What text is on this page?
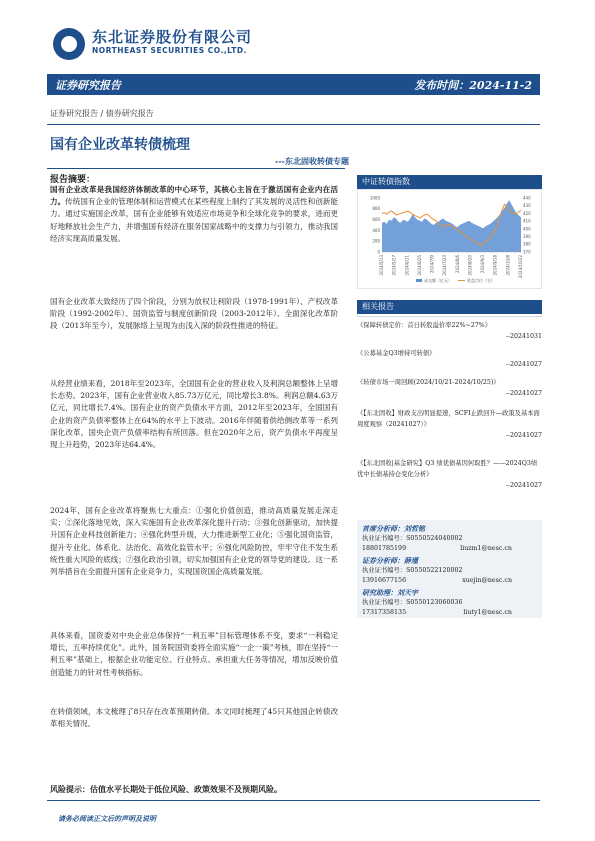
东北证券股份有限公司
NORTHEAST SECURITIES CO.,LTD.
证券研究报告	发布时间：2024-11-2
证券研究报告 / 债券研究报告
国有企业改革转债梳理
---东北固收转债专题
报告摘要：

国有企业改革是我国经济体制改革的中心环节，其核心主旨在于激活国有企业内在活力。传统国有企业的管理体制和运营模式在某些程度上制约了其发展的灵活性和创新能力。通过实施国企改革，国有企业能够有效适应市场竞争和全球化竞争的要求，进而更好地释放社会生产力，并增强国有经济在服务国家战略中的支撑力与引领力，推动我国经济实现高质量发展。

国有企业改革大致经历了四个阶段，分别为放权让利阶段（1978-1991年）、产权改革阶段（1992-2002年）、国资监管与制度创新阶段（2003-2012年）、全面深化改革阶段（2013年至今），发展脉络上呈现为由浅入深的阶段性推进的特征。

从经营业绩来看，2018年至2023年，全国国有企业的营业收入及利润总额整体上呈增长态势。2023年，国有企业营业收入85.73万亿元，同比增长3.8%。利润总额4.63万亿元，同比增长7.4%。国有企业的资产负债水平方面，2012年至2023年，全国国有企业的资产负债率整体上在64%的水平上下波动。2016年伴随着供给侧改革等一系列深化改革，国央企资产负债率结构有所回落。但在2020年之后，资产负债水平再度呈现上升趋势，2023年达64.4%。

2024年，国有企业改革将聚焦七大重点：①强化价值创造，推动高质量发展走深走实；②深化落地见效，深入实施国有企业改革深化提升行动；③强化创新驱动，加快提升国有企业科技创新能力；④强化转型升级，大力推进新型工业化；⑤强化国资监管，提升专业化、体系化、法治化、高效化监管水平；⑥强化风险防控，牢牢守住不发生系统性重大风险的底线；⑦强化政治引领，切实加强国有企业党的领导党的建设。这一系列举措旨在全面提升国有企业竞争力，实现国资国企高质量发展。

具体来看，国资委对中央企业总体保持“一利五率”目标管理体系不变，要求“一利稳定增长，五率持续优化”。此外，国务院国资委将全面实施“一企一策”考核，即在坚持“一利五率”基础上，根据企业功能定位、行业特点、承担重大任务等情况，增加反映价值创造能力的针对性考核指标。

在转债领域，本文梳理了8只存在改革预期转债。本文同时梳理了45只其他国企转债改革相关情况。

中证转债指数
1000
800
600
400
200
0
440
430
420
410
400
390
380
370
2024/5/13 2024/5/27 2024/6/11 2024/6/25 2024/7/9 2024/7/23 2024/8/6 2024/8/20 2024/9/3 2024/9/18 2024/10/8 2024/10/22
成交额（亿元）	收盘点位（右）
相关报告

《保障转债定价：首日转股溢价率22%~27%》
--20241031

《公募基金Q3增持可转债》
--20241027

《转债市场一周回顾(2024/10/21-2024/10/25)》
--20241027

《【东北固收】财政支出明显提速，SCFI止跌回升—政策及基本面周度观察（20241027）》
--20241027

《【东北固收|基金研究】Q3 绩优债基因何取胜？——2024Q3绩优中长债基持仓变化分析》
--20241027

首席分析师：刘哲铭
执业证书编号：S0550524040002
18801785199	liuzm1@nesc.cn
证券分析师：薛瑾
执业证书编号：S0550522120002
13916677156	xuejin@nesc.cn
研究助理：刘天宇
执业证书编号：S0550123060036
17317358135	liuty1@nesc.cn
风险提示：估值水平长期处于低位风险、政策效果不及预期风险。
请务必阅读正文后的声明及说明
